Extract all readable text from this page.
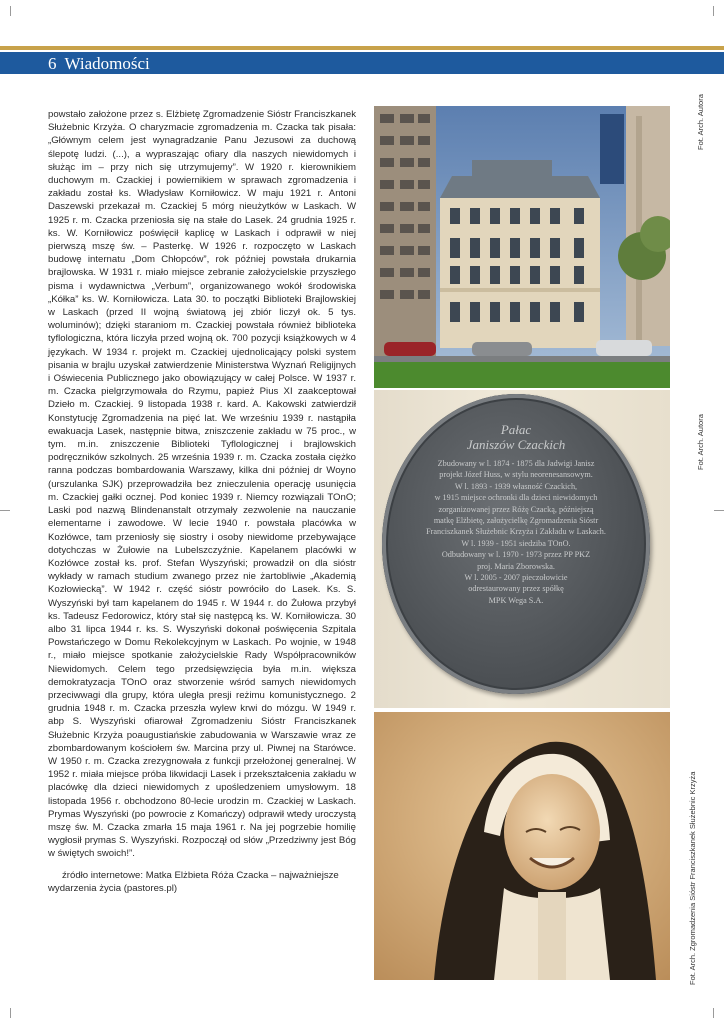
6 Wiadomości

powstało założone przez s. Elżbietę Zgromadzenie Sióstr Franciszkanek Służebnic Krzyża. O charyzmacie zgromadzenia m. Czacka tak pisała: „Głównym celem jest wynagradzanie Panu Jezusowi za duchową ślepotę ludzi. (...), a wypraszając ofiary dla naszych niewidomych i służąc im – przy nich się utrzymujemy”. W 1920 r. kierownikiem duchowym m. Czackiej i powiernikiem w sprawach zgromadzenia i zakładu został ks. Władysław Korniłowicz. W maju 1921 r. Antoni Daszewski przekazał m. Czackiej 5 mórg nieużytków w Laskach. W 1925 r. m. Czacka przeniosła się na stałe do Lasek. 24 grudnia 1925 r. ks. W. Korniłowicz poświęcił kaplicę w Laskach i odprawił w niej pierwszą mszę św. – Pasterkę. W 1926 r. rozpoczęto w Laskach budowę internatu „Dom Chłopców”, rok później powstała drukarnia brajlowska. W 1931 r. miało miejsce zebranie założycielskie przyszłego pisma i wydawnictwa „Verbum”, organizowanego wokół środowiska „Kółka” ks. W. Korniłowicza. Lata 30. to początki Biblioteki Brajlowskiej w Laskach (przed II wojną światową jej zbiór liczył ok. 5 tys. woluminów); dzięki staraniom m. Czackiej powstała również biblioteka tyflologiczna, która liczyła przed wojną ok. 700 pozycji książkowych w 4 językach. W 1934 r. projekt m. Czackiej ujednolicający polski system pisania w brajlu uzyskał zatwierdzenie Ministerstwa Wyznań Religijnych i Oświecenia Publicznego jako obowiązujący w całej Polsce. W 1937 r. m. Czacka pielgrzymowała do Rzymu, papież Pius XI zaakceptował Dzieło m. Czackiej. 9 listopada 1938 r. kard. A. Kakowski zatwierdził Konstytucję Zgromadzenia na pięć lat. We wrześniu 1939 r. nastąpiła ewakuacja Lasek, następnie bitwa, zniszczenie zakładu w 75 proc., w tym. m.in. zniszczenie Biblioteki Tyflologicznej i brajlowskich podręczników szkolnych. 25 września 1939 r. m. Czacka została ciężko ranna podczas bombardowania Warszawy, kilka dni później dr Woyno (urszulanka SJK) przeprowadziła bez znieczulenia operację usunięcia m. Czackiej gałki ocznej. Pod koniec 1939 r. Niemcy rozwiązali TOnO; Laski pod nazwą Blindenanstalt otrzymały zezwolenie na nauczanie elementarne i zawodowe. W lecie 1940 r. powstała placówka w Kozłówce, tam przeniosły się siostry i osoby niewidome przebywające dotychczas w Żułowie na Lubelszczyźnie. Kapelanem placówki w Kozłówce został ks. prof. Stefan Wyszyński; prowadził on dla sióstr wykłady w ramach studium zwanego przez nie żartobliwie „Akademią Kozłowiecką”. W 1942 r. część sióstr powróciło do Lasek. Ks. S. Wyszyński był tam kapelanem do 1945 r. W 1944 r. do Żułowa przybył ks. Tadeusz Fedorowicz, który stał się następcą ks. W. Korniłowicza. 30 albo 31 lipca 1944 r. ks. S. Wyszyński dokonał poświęcenia Szpitala Powstańczego w Domu Rekolekcyjnym w Laskach. Po wojnie, w 1948 r., miało miejsce spotkanie założycielskie Rady Współpracowników Niewidomych. Celem tego przedsięwzięcia była m.in. większa demokratyzacja TOnO oraz stworzenie wśród samych niewidomych przeciwwagi dla grupy, która uległa presji reżimu komunistycznego. 2 grudnia 1948 r. m. Czacka przeszła wylew krwi do mózgu. W 1949 r. abp S. Wyszyński ofiarował Zgromadzeniu Sióstr Franciszkanek Służebnic Krzyża poaugustiańskie zabudowania w Warszawie wraz ze zbombardowanym kościołem św. Marcina przy ul. Piwnej na Starówce. W 1950 r. m. Czacka zrezygnowała z funkcji przełożonej generalnej. W 1952 r. miała miejsce próba likwidacji Lasek i przekształcenia zakładu w placówkę dla dzieci niewidomych z upośledzeniem umysłowym. 18 listopada 1956 r. obchodzono 80-lecie urodzin m. Czackiej w Laskach. Prymas Wyszyński (po powrocie z Komańczy) odprawił wtedy uroczystą mszę św. M. Czacka zmarła 15 maja 1961 r. Na jej pogrzebie homilię wygłosił prymas S. Wyszyński. Rozpoczął od słów „Przedziwny jest Bóg w świętych swoich!”.

źródło internetowe: Matka Elżbieta Róża Czacka – najważniejsze wydarzenia życia (pastores.pl)

Fot. Arch. Autora
Pałac
Janiszów Czackich
Zbudowany w l. 1874 - 1875 dla Jadwigi Janisz
projekt Józef Huss, w stylu neorenesansowym.
W l. 1893 - 1939 własność Czackich,
w 1915 miejsce ochronki dla dzieci niewidomych
zorganizowanej przez Różę Czacką, późniejszą
matkę Elżbietę, założycielkę Zgromadzenia Sióstr
Franciszkanek Służebnic Krzyża i Zakładu w Laskach.
W l. 1939 - 1951 siedziba TOnO.
Odbudowany w l. 1970 - 1973 przez PP PKZ
proj. Maria Zborowska.
W l. 2005 - 2007 pieczołowicie
odrestaurowany przez spółkę
MPK Wega S.A.
Fot. Arch. Autora
Fot. Arch. Zgromadzenia Sióstr Franciszkanek Służebnic Krzyża
